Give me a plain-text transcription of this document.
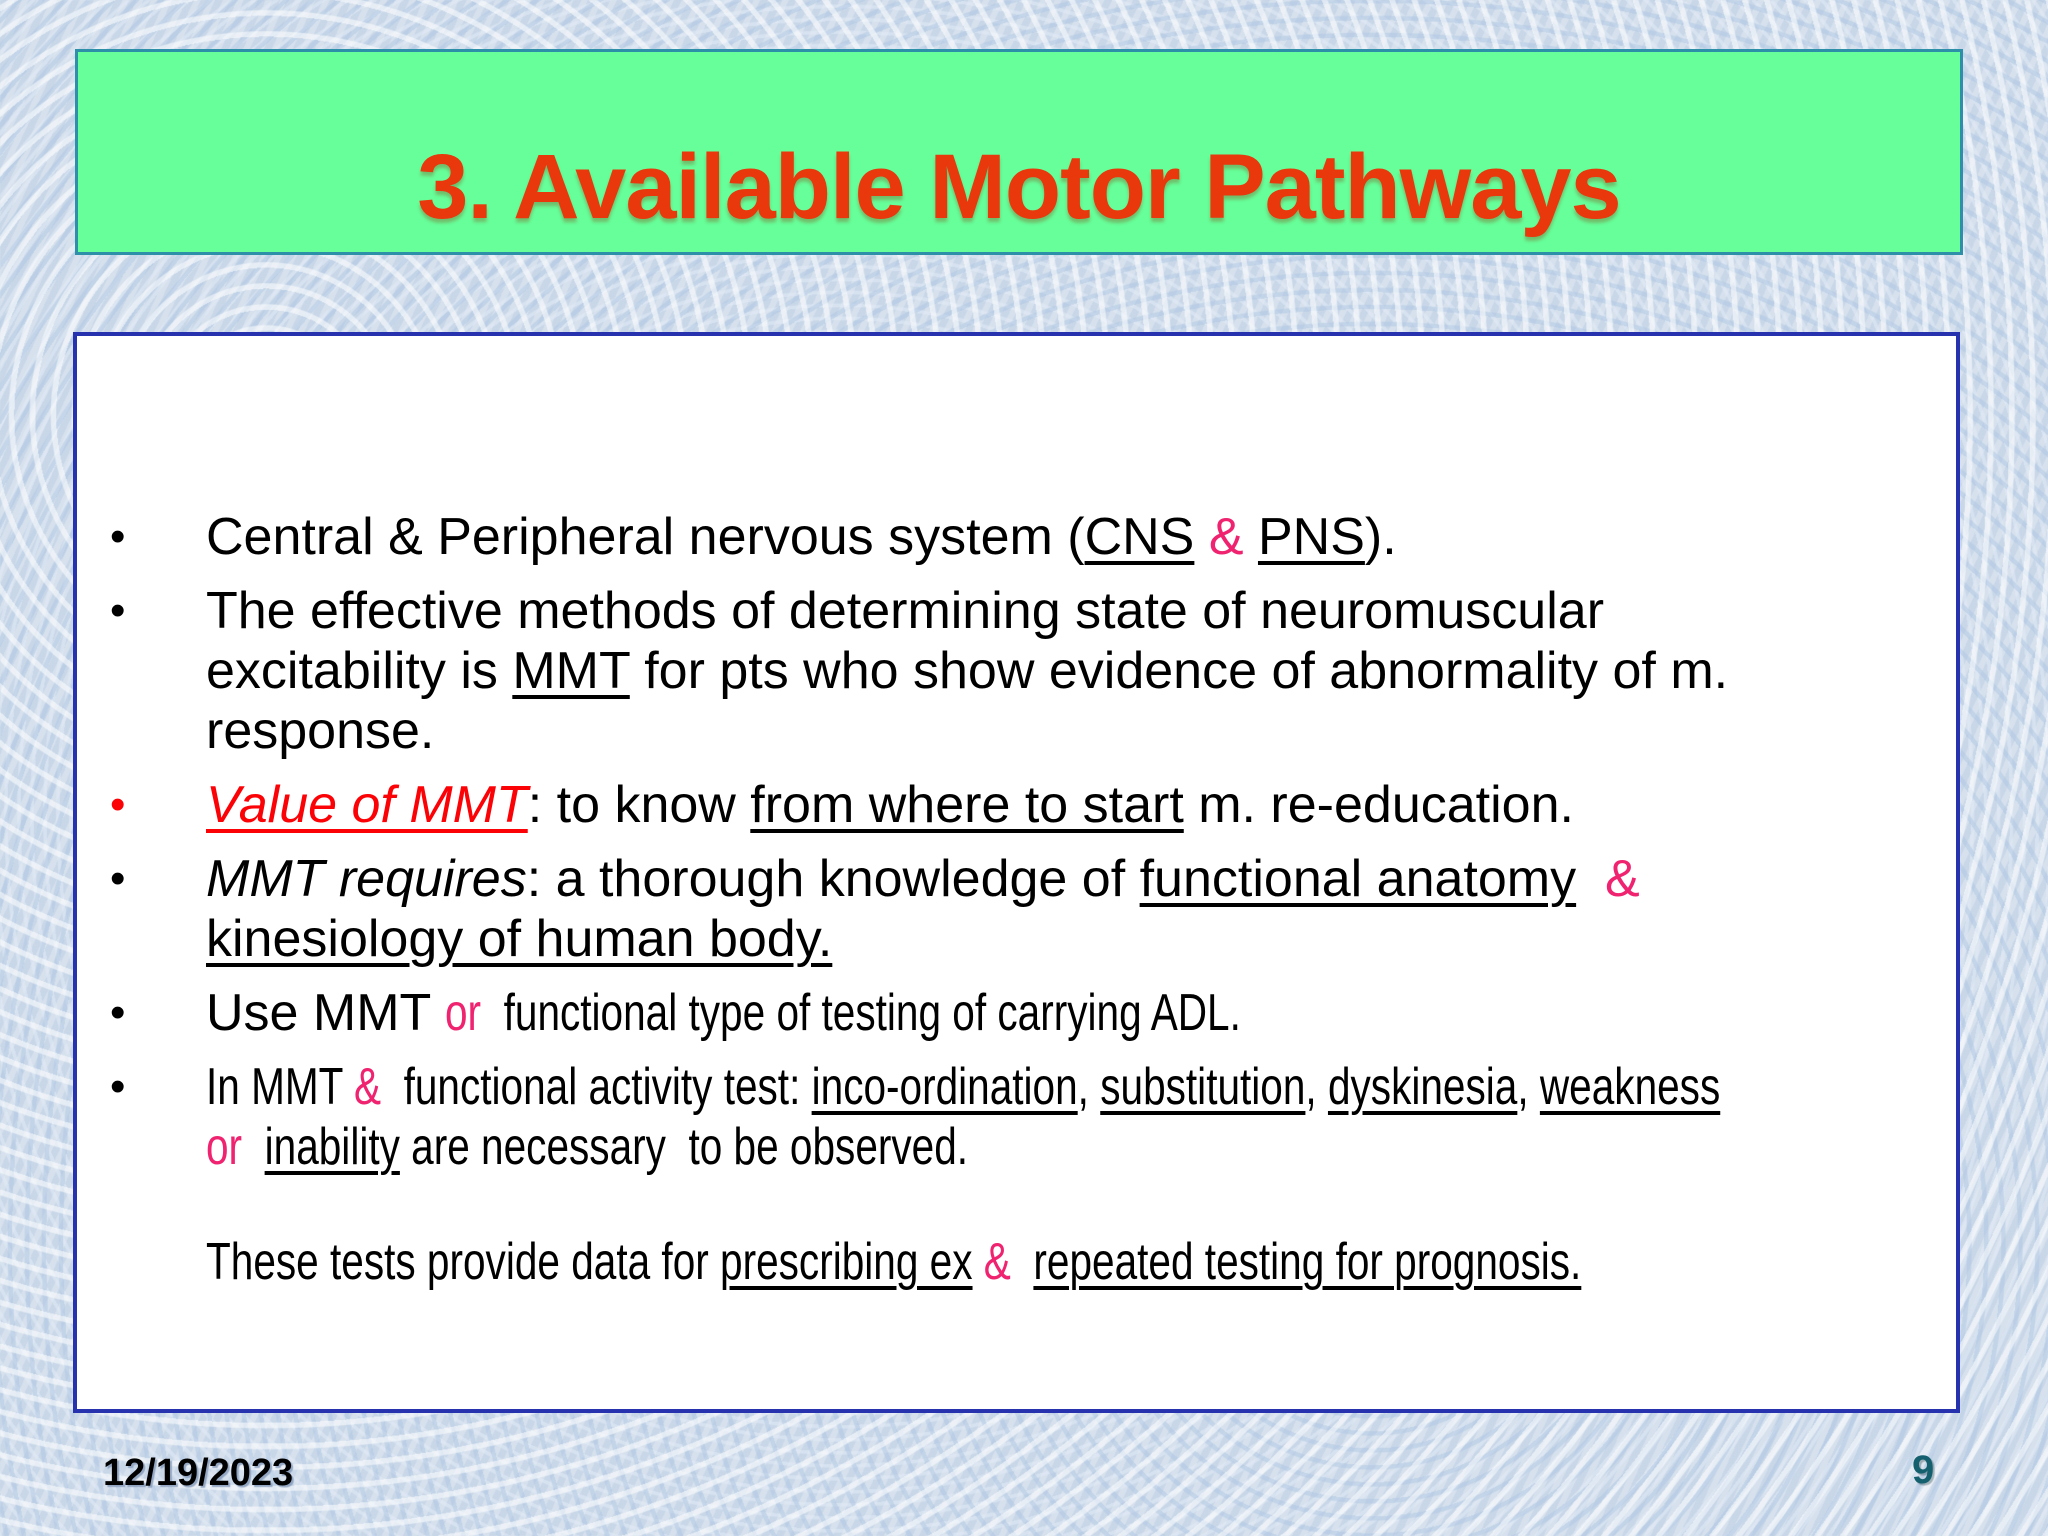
3. Available Motor Pathways
• Central & Peripheral nervous system (CNS & PNS).
• The effective methods of determining state of neuromuscular
excitability is MMT for pts who show evidence of abnormality of m.
response.
• Value of MMT: to know from where to start m. re-education.
• MMT requires: a thorough knowledge of functional anatomy &
kinesiology of human body.
• Use MMT or  functional type of testing of carrying ADL.
• In MMT &  functional activity test: inco-ordination, substitution, dyskinesia, weakness
or inability are necessary  to be observed.
These tests provide data for prescribing ex & repeated testing for prognosis.
12/19/2023	9
